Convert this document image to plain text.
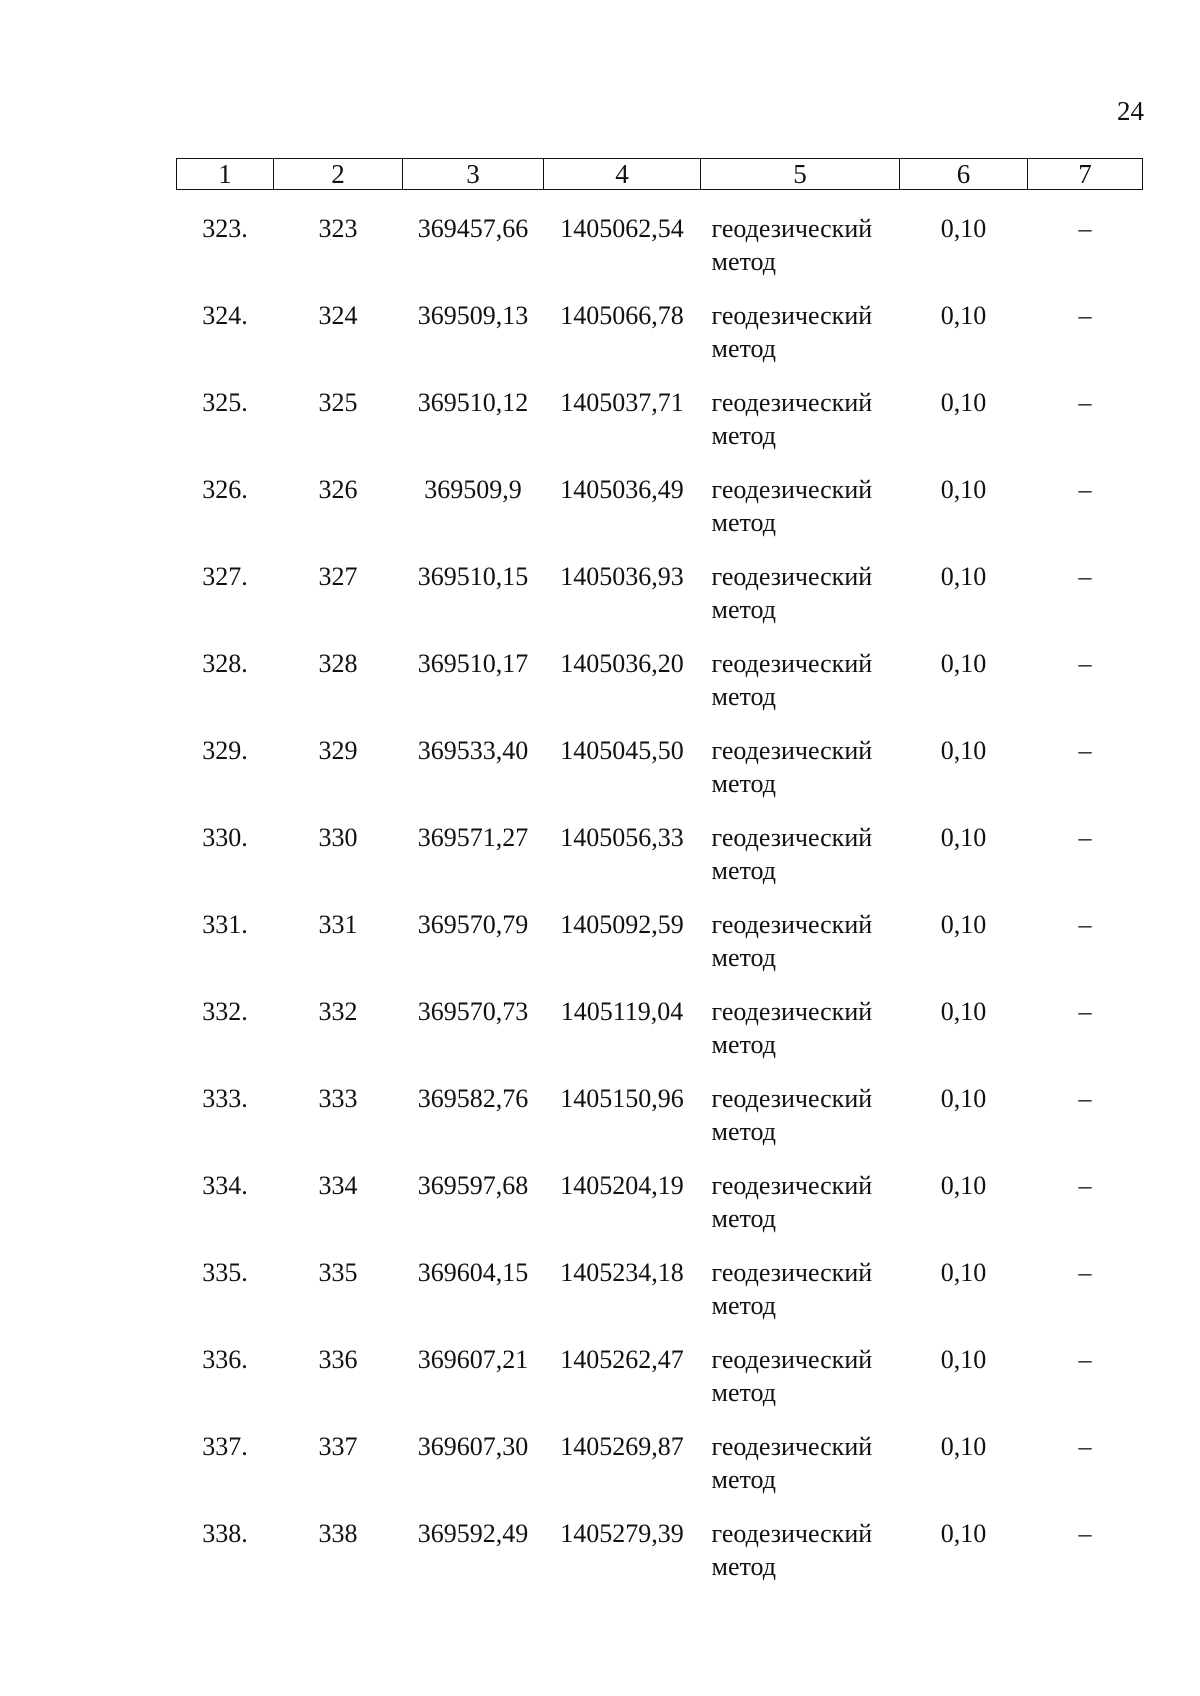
24
1	2	3	4	5	6	7
323.	323	369457,66	1405062,54	геодезический
метод	0,10	–
324.	324	369509,13	1405066,78	геодезический
метод	0,10	–
325.	325	369510,12	1405037,71	геодезический
метод	0,10	–
326.	326	369509,9	1405036,49	геодезический
метод	0,10	–
327.	327	369510,15	1405036,93	геодезический
метод	0,10	–
328.	328	369510,17	1405036,20	геодезический
метод	0,10	–
329.	329	369533,40	1405045,50	геодезический
метод	0,10	–
330.	330	369571,27	1405056,33	геодезический
метод	0,10	–
331.	331	369570,79	1405092,59	геодезический
метод	0,10	–
332.	332	369570,73	1405119,04	геодезический
метод	0,10	–
333.	333	369582,76	1405150,96	геодезический
метод	0,10	–
334.	334	369597,68	1405204,19	геодезический
метод	0,10	–
335.	335	369604,15	1405234,18	геодезический
метод	0,10	–
336.	336	369607,21	1405262,47	геодезический
метод	0,10	–
337.	337	369607,30	1405269,87	геодезический
метод	0,10	–
338.	338	369592,49	1405279,39	геодезический
метод	0,10	–
